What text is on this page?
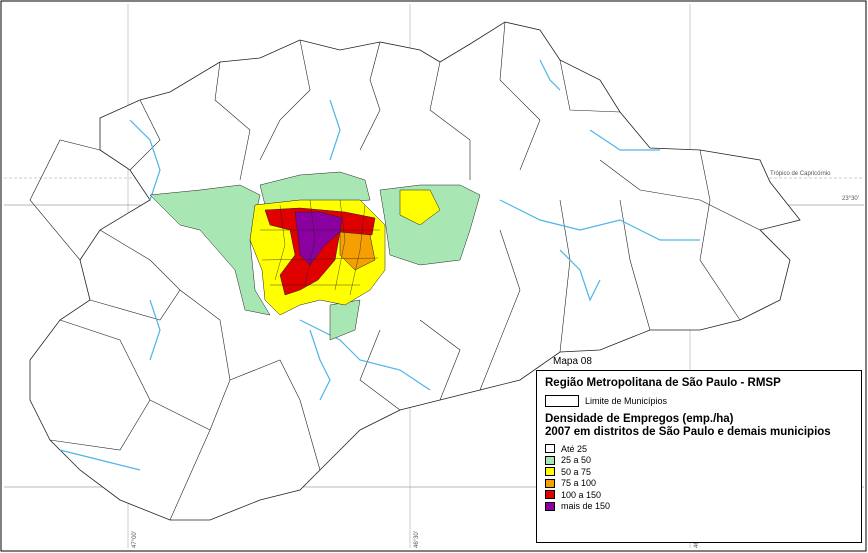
Trópico de Capricórnio
23°30'
47°00'	46°30'
Mapa 08
Região Metropolitana de São Paulo - RMSP
Limite de Municípios
Densidade de Empregos (emp./ha)
2007 em distritos de São Paulo e demais municipios
Até 25
25 a 50
50 a 75
75 a 100
100 a 150
mais de 150
